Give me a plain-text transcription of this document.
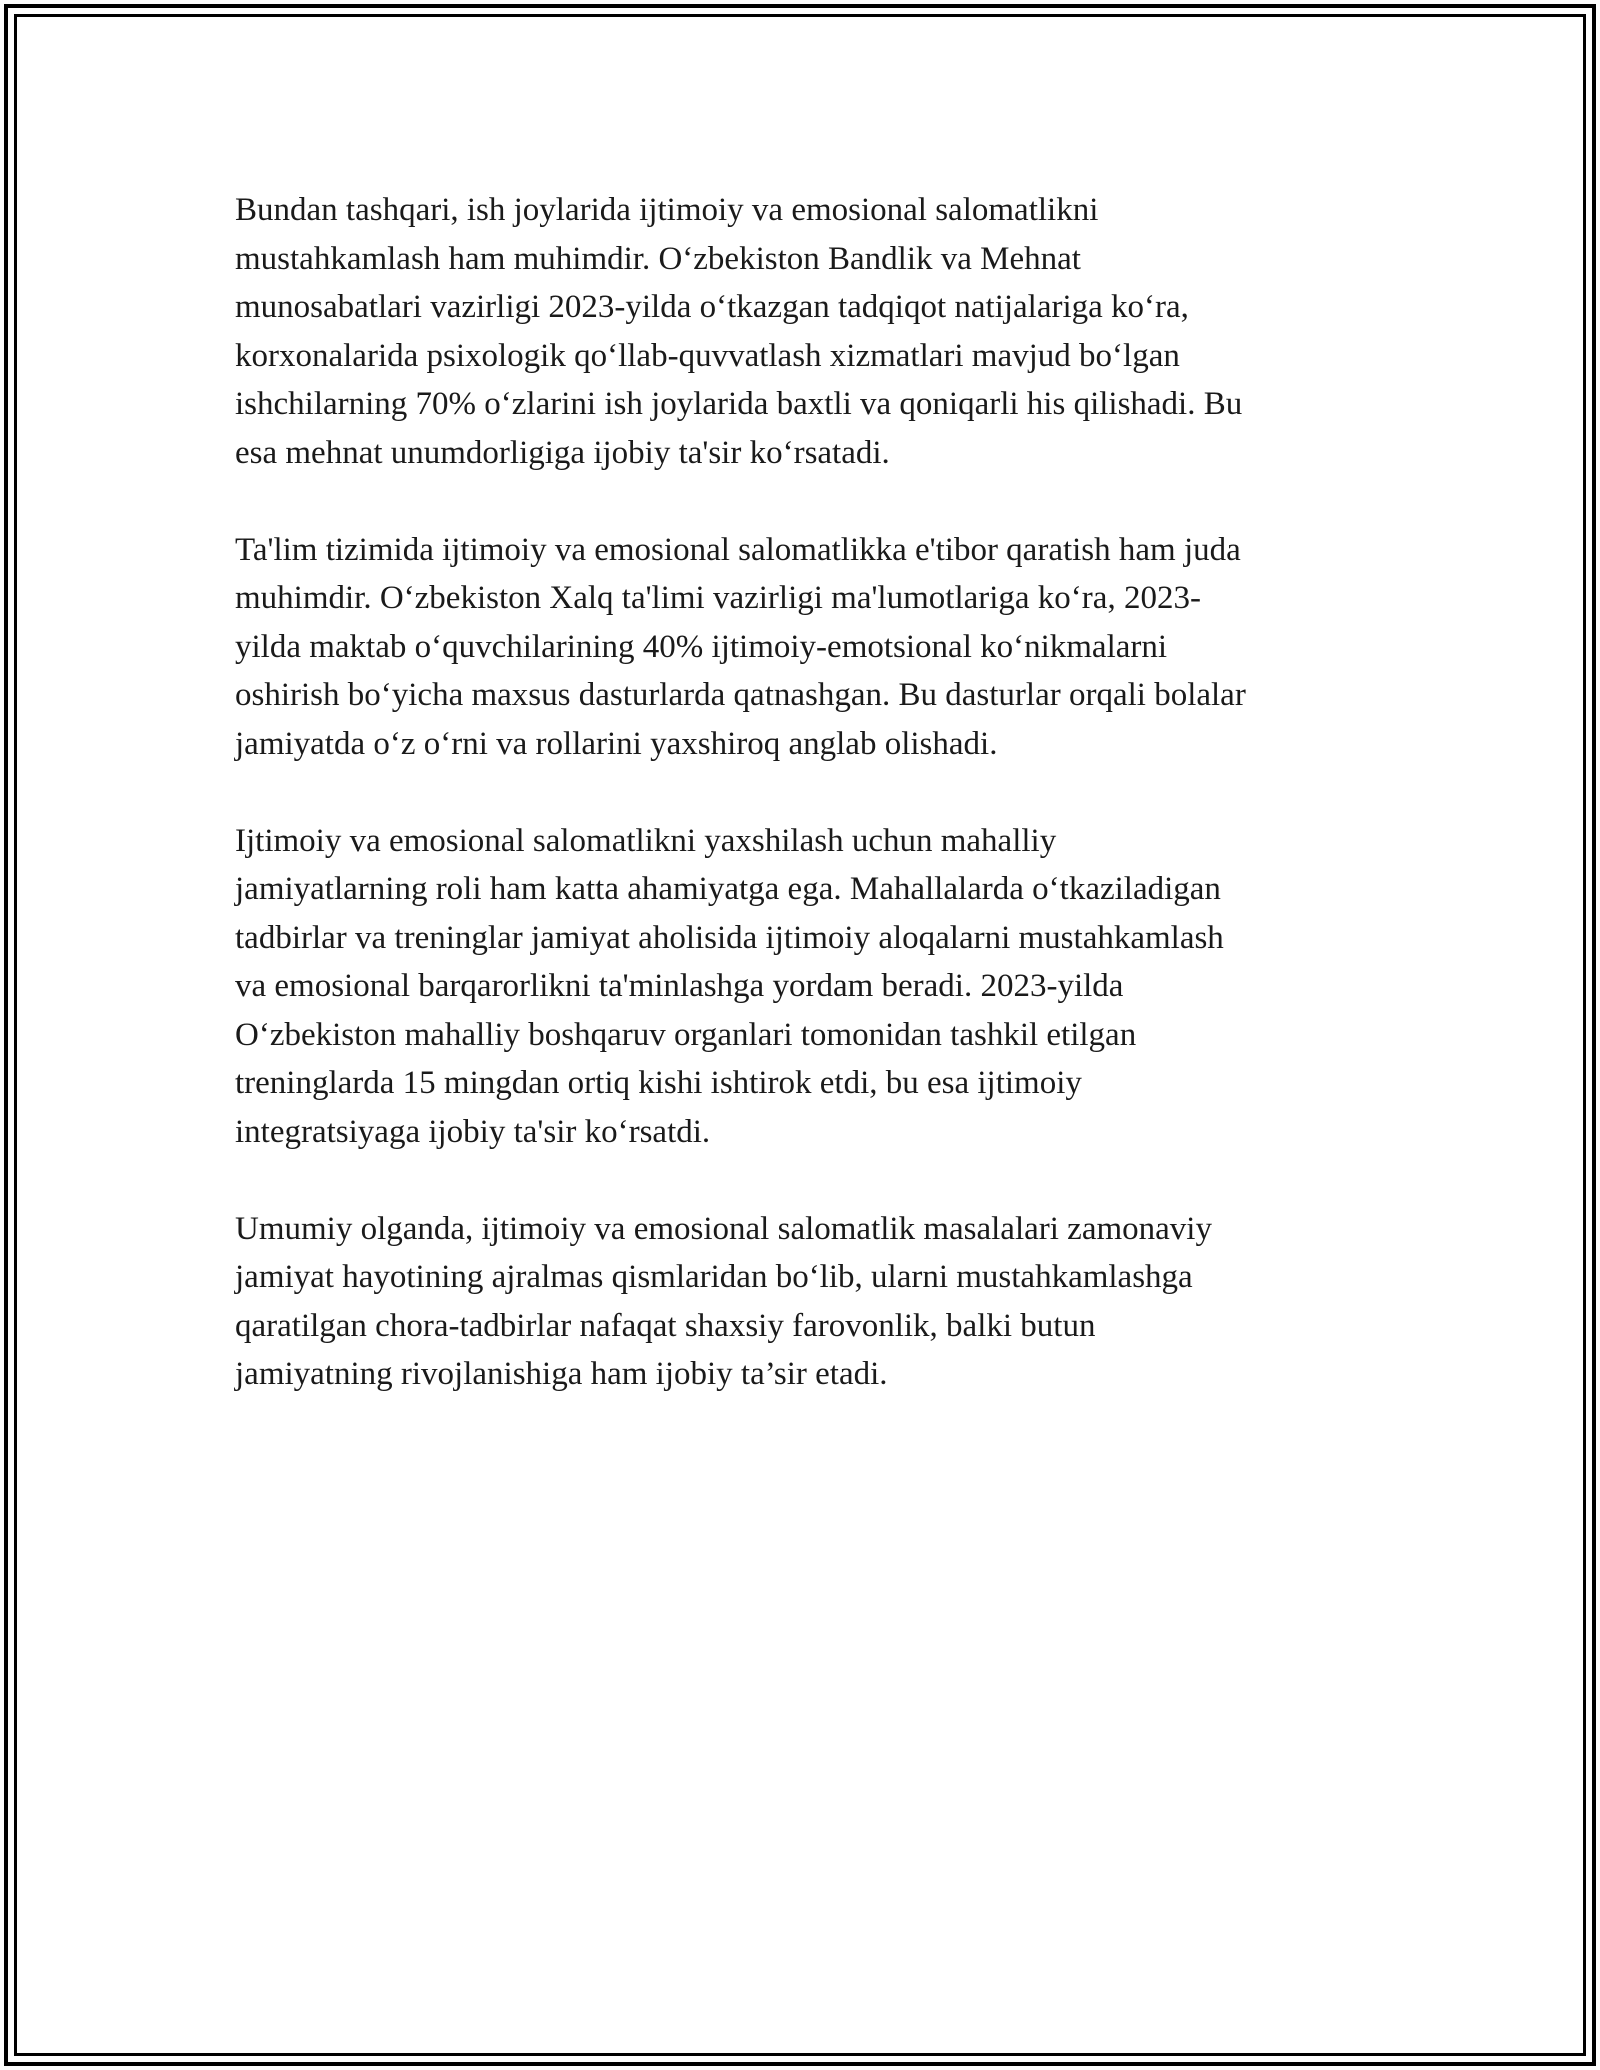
Bundan tashqari, ish joylarida ijtimoiy va emosional salomatlikni
mustahkamlash ham muhimdir. O‘zbekiston Bandlik va Mehnat
munosabatlari vazirligi 2023-yilda o‘tkazgan tadqiqot natijalariga ko‘ra,
korxonalarida psixologik qo‘llab-quvvatlash xizmatlari mavjud bo‘lgan
ishchilarning 70% o‘zlarini ish joylarida baxtli va qoniqarli his qilishadi. Bu
esa mehnat unumdorligiga ijobiy ta'sir ko‘rsatadi.

Ta'lim tizimida ijtimoiy va emosional salomatlikka e'tibor qaratish ham juda
muhimdir. O‘zbekiston Xalq ta'limi vazirligi ma'lumotlariga ko‘ra, 2023-
yilda maktab o‘quvchilarining 40% ijtimoiy-emotsional ko‘nikmalarni
oshirish bo‘yicha maxsus dasturlarda qatnashgan. Bu dasturlar orqali bolalar
jamiyatda o‘z o‘rni va rollarini yaxshiroq anglab olishadi.

Ijtimoiy va emosional salomatlikni yaxshilash uchun mahalliy
jamiyatlarning roli ham katta ahamiyatga ega. Mahallalarda o‘tkaziladigan
tadbirlar va treninglar jamiyat aholisida ijtimoiy aloqalarni mustahkamlash
va emosional barqarorlikni ta'minlashga yordam beradi. 2023-yilda
O‘zbekiston mahalliy boshqaruv organlari tomonidan tashkil etilgan
treninglarda 15 mingdan ortiq kishi ishtirok etdi, bu esa ijtimoiy
integratsiyaga ijobiy ta'sir ko‘rsatdi.

Umumiy olganda, ijtimoiy va emosional salomatlik masalalari zamonaviy
jamiyat hayotining ajralmas qismlaridan bo‘lib, ularni mustahkamlashga
qaratilgan chora-tadbirlar nafaqat shaxsiy farovonlik, balki butun
jamiyatning rivojlanishiga ham ijobiy ta’sir etadi.
